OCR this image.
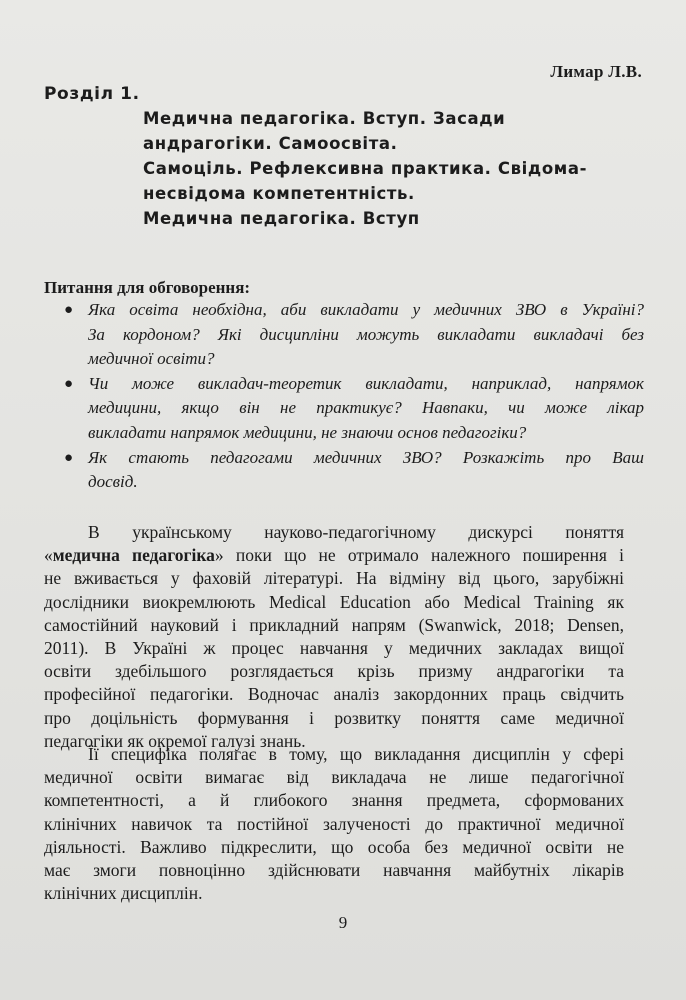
Лимар Л.В.
Розділ 1.
Медична педагогіка. Вступ. Засади
андрагогіки. Самоосвіта.
Самоціль. Рефлексивна практика. Свідома-
несвідома компетентність.
Медична педагогіка. Вступ
Питання для обговорення:
● Яка освіта необхідна, аби викладати у медичних ЗВО в Україні?
За кордоном? Які дисципліни можуть викладати викладачі без
медичної освіти?
● Чи може викладач-теоретик викладати, наприклад, напрямок
медицини, якщо він не практикує? Навпаки, чи може лікар
викладати напрямок медицини, не знаючи основ педагогіки?
● Як стають педагогами медичних ЗВО? Розкажіть про Ваш
досвід.
В українському науково-педагогічному дискурсі поняття
«медична педагогіка» поки що не отримало належного поширення і
не вживається у фаховій літературі. На відміну від цього, зарубіжні
дослідники виокремлюють Medical Education або Medical Training як
самостійний науковий і прикладний напрям (Swanwick, 2018; Densen,
2011). В Україні ж процес навчання у медичних закладах вищої
освіти здебільшого розглядається крізь призму андрагогіки та
професійної педагогіки. Водночас аналіз закордонних праць свідчить
про доцільність формування і розвитку поняття саме медичної
педагогіки як окремої галузі знань.
Її специфіка полягає в тому, що викладання дисциплін у сфері
медичної освіти вимагає від викладача не лише педагогічної
компетентності, а й глибокого знання предмета, сформованих
клінічних навичок та постійної залученості до практичної медичної
діяльності. Важливо підкреслити, що особа без медичної освіти не
має змоги повноцінно здійснювати навчання майбутніх лікарів
клінічних дисциплін.
9
